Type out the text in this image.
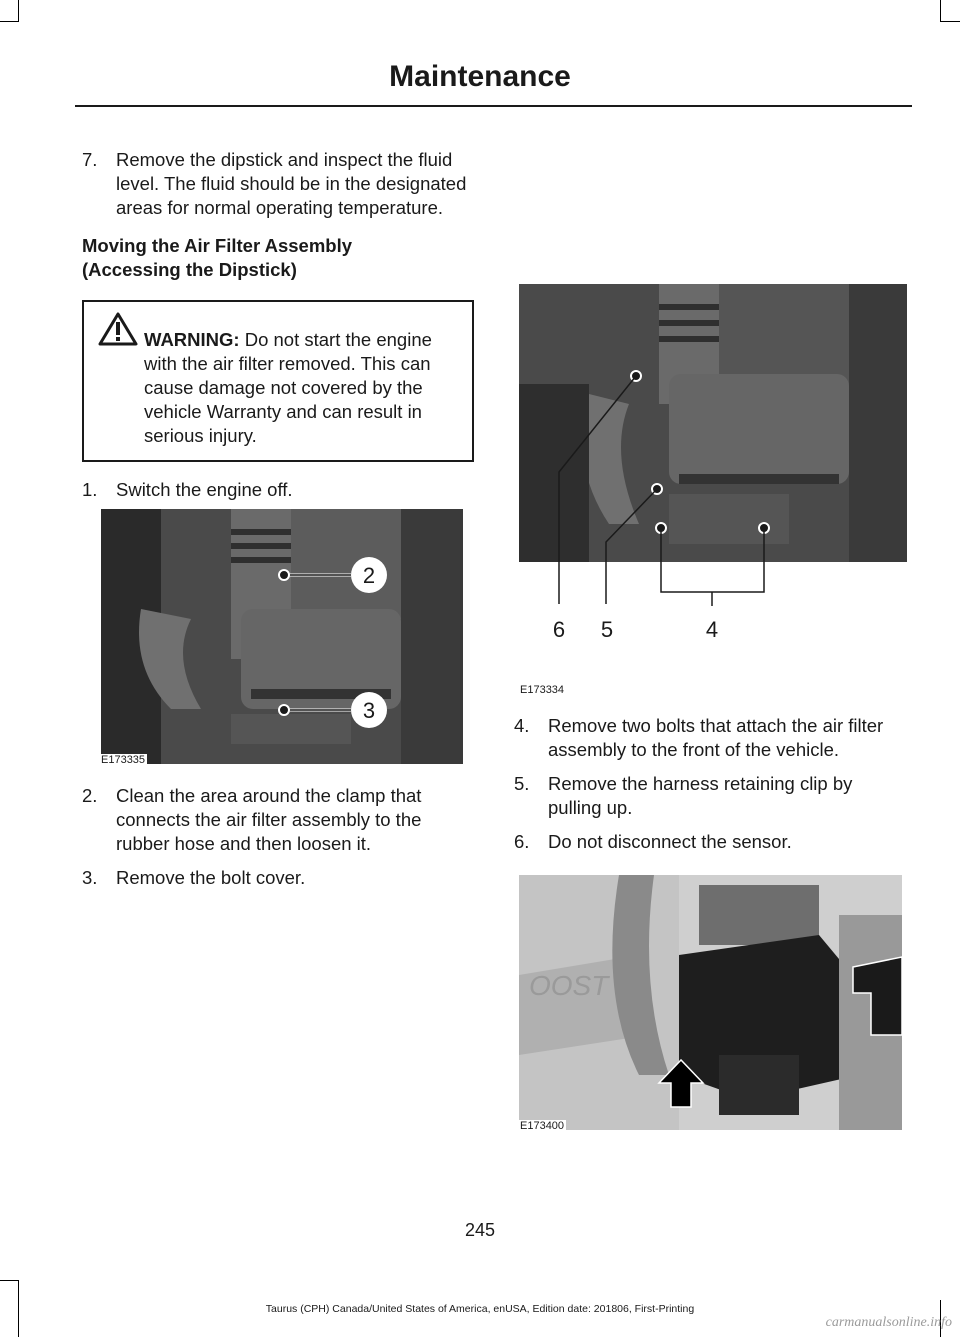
Maintenance
7. Remove the dipstick and inspect the fluid level. The fluid should be in the designated areas for normal operating temperature.
Moving the Air Filter Assembly
(Accessing the Dipstick)
WARNING: Do not start the engine with the air filter removed. This can cause damage not covered by the vehicle Warranty and can result in serious injury.
1. Switch the engine off.
2
3
E173335
2. Clean the area around the clamp that connects the air filter assembly to the rubber hose and then loosen it.
3. Remove the bolt cover.
6 5	4
E173334
4. Remove two bolts that attach the air filter assembly to the front of the vehicle.
5. Remove the harness retaining clip by pulling up.
6. Do not disconnect the sensor.
OOST
E173400
245
Taurus (CPH) Canada/United States of America, enUSA, Edition date: 201806, First-Printing
carmanualsonline.info
